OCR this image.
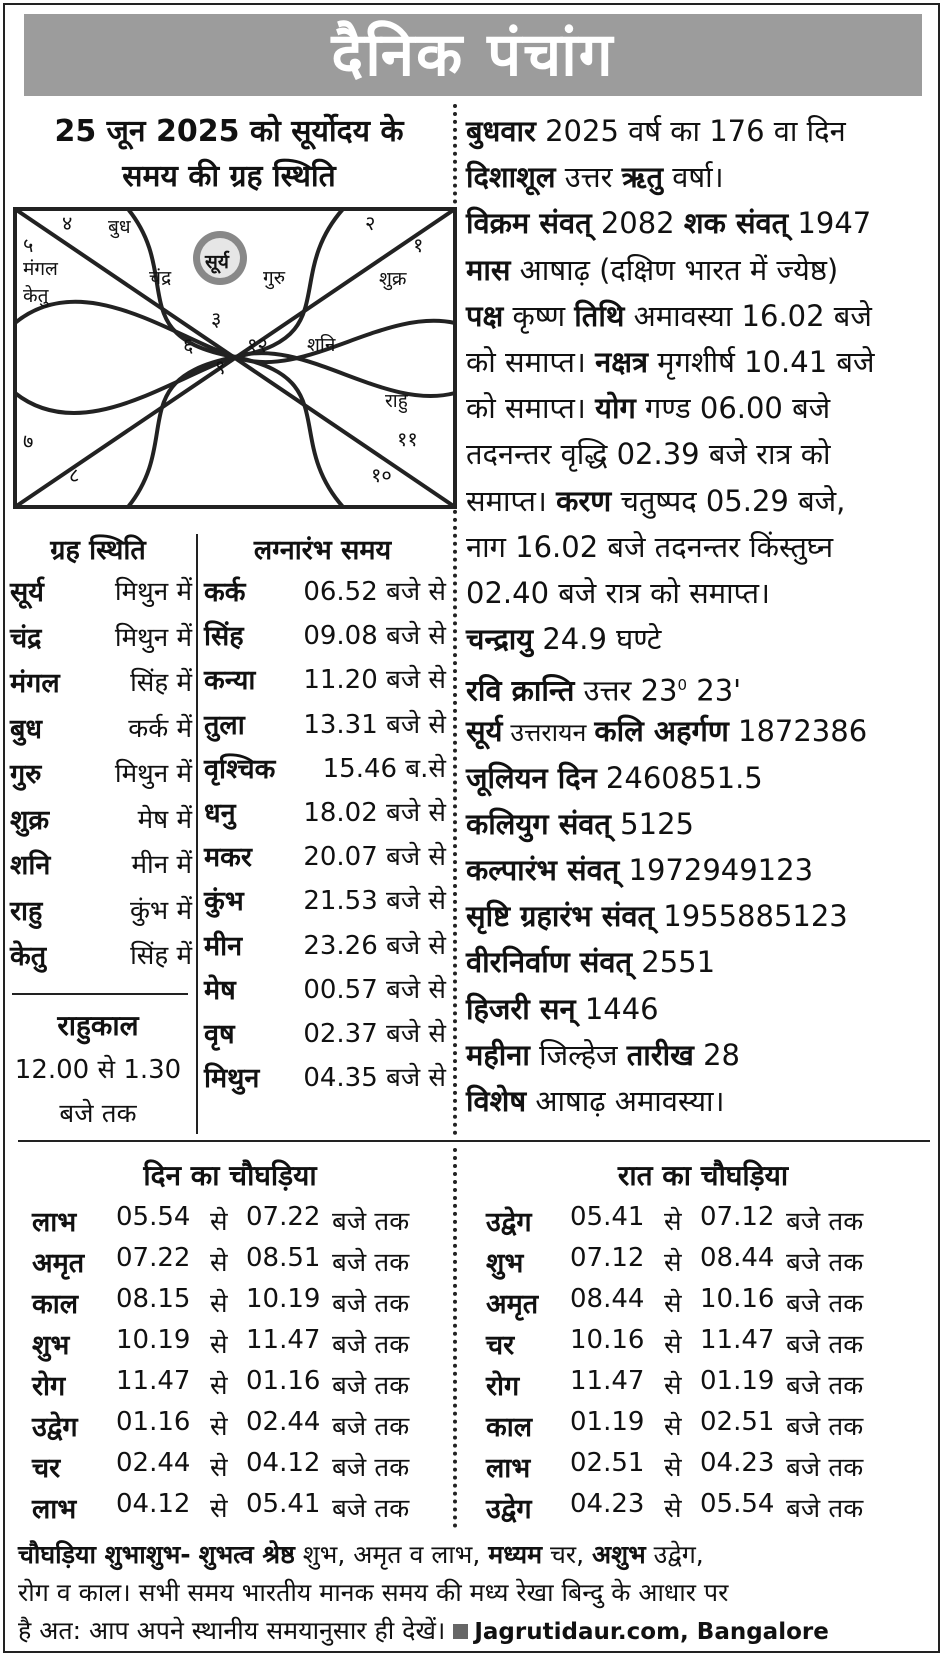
दैनिक पंचांग
25 जून 2025 को सूर्योदय के
समय की ग्रह स्थिति
४ बुध	२
५
मंगल
केतु
१
शुक्र
चंद्र
सूर्य
गुरु
३
६	१२ शनि
९
राहु
७	११
८	१०
बुधवार 2025 वर्ष का 176 वा दिन
दिशाशूल उत्तर ऋतु वर्षा।
विक्रम संवत् 2082 शक संवत् 1947
मास आषाढ़ (दक्षिण भारत में ज्येष्ठ)
पक्ष कृष्ण तिथि अमावस्या 16.02 बजे
को समाप्त। नक्षत्र मृगशीर्ष 10.41 बजे
को समाप्त। योग गण्ड 06.00 बजे
तदनन्तर वृद्धि 02.39 बजे रात्र को
समाप्त। करण चतुष्पद 05.29 बजे,
नाग 16.02 बजे तदनन्तर किंस्तुघ्न
02.40 बजे रात्र को समाप्त।
चन्द्रायु 24.9 घण्टे
रवि क्रान्ति उत्तर $23^0$ 23'
सूर्य उत्तरायन कलि अहर्गण 1872386
जूलियन दिन 2460851.5
कलियुग संवत् 5125
कल्पारंभ संवत् 1972949123
सृष्टि ग्रहारंभ संवत् 1955885123
वीरनिर्वाण संवत् 2551
हिजरी सन् 1446
महीना जिल्हेज तारीख 28
विशेष आषाढ़ अमावस्या।
ग्रह स्थिति	लग्नारंभ समय
सूर्य	मिथुन में
चंद्र	मिथुन में
मंगल	सिंह में
बुध	कर्क में
गुरु	मिथुन में
शुक्र	मेष में
शनि	मीन में
राहु	कुंभ में
केतु	सिंह में
कर्क 06.52 बजे से
सिंह 09.08 बजे से
कन्या 11.20 बजे से
तुला 13.31 बजे से
वृश्चिक 15.46 ब.से
धनु	18.02 बजे से
मकर 20.07 बजे से
कुंभ 21.53 बजे से
मीन 23.26 बजे से
मेष	00.57 बजे से
वृष	02.37 बजे से
मिथुन 04.35 बजे से
राहुकाल
12.00 से 1.30
बजे तक
दिन का चौघड़िया	रात का चौघड़िया
लाभ 05.54 से 07.22 बजे तक
अमृत 07.22 से 08.51 बजे तक
काल 08.15 से 10.19 बजे तक
शुभ 10.19 से 11.47 बजे तक
रोग 11.47 से 01.16 बजे तक
उद्वेग 01.16 से 02.44 बजे तक
चर 02.44 से 04.12 बजे तक
लाभ 04.12 से 05.41 बजे तक
उद्वेग 05.41 से 07.12 बजे तक
शुभ 07.12 से 08.44 बजे तक
अमृत 08.44 से 10.16 बजे तक
चर 10.16 से 11.47 बजे तक
रोग 11.47 से 01.19 बजे तक
काल 01.19 से 02.51 बजे तक
लाभ 02.51 से 04.23 बजे तक
उद्वेग 04.23 से 05.54 बजे तक
चौघड़िया शुभाशुभ- शुभत्व श्रेष्ठ शुभ, अमृत व लाभ, मध्यम चर, अशुभ उद्वेग,
रोग व काल। सभी समय भारतीय मानक समय की मध्य रेखा बिन्दु के आधार पर
है अत: आप अपने स्थानीय समयानुसार ही देखें। Jagrutidaur.com, Bangalore
